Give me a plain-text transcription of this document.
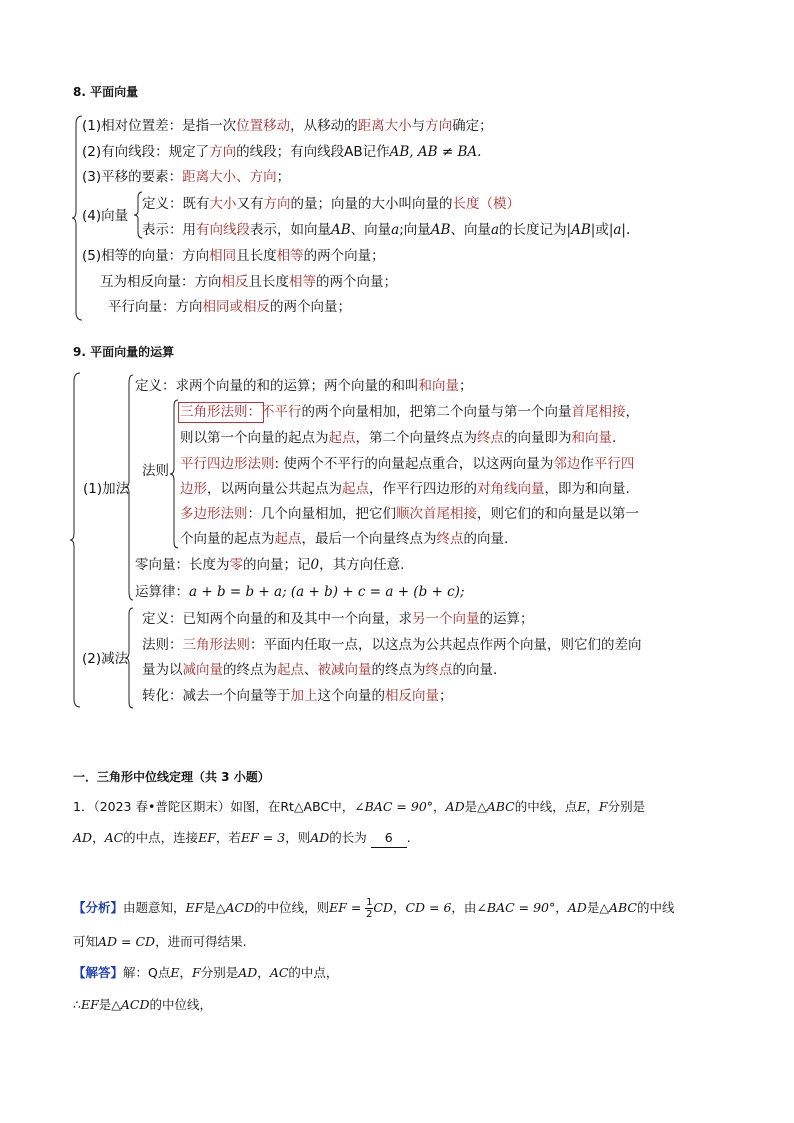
8. 平面向量
(1)相对位置差：是指一次位置移动，从移动的距离大小与方向确定；
(2)有向线段：规定了方向的线段；有向线段AB记作AB, AB ≠ BA.
(3)平移的要素：距离大小、方向；
(4)向量
定义：既有大小又有方向的量；向量的大小叫向量的长度（模）
表示：用有向线段表示，如向量AB、向量a;向量AB、向量a的长度记为|AB|或|a|.
(5)相等的向量：方向相同且长度相等的两个向量；
互为相反向量：方向相反且长度相等的两个向量；
平行向量：方向相同或相反的两个向量；
9. 平面向量的运算
(1)加法
法则
定义：求两个向量的和的运算；两个向量的和叫和向量；
三角形法则：不平行的两个向量相加，把第二个向量与第一个向量首尾相接，
则以第一个向量的起点为起点，第二个向量终点为终点的向量即为和向量.
平行四边形法则: 使两个不平行的向量起点重合，以这两向量为邻边作平行四
边形，以两向量公共起点为起点，作平行四边形的对角线向量，即为和向量.
多边形法则：几个向量相加，把它们顺次首尾相接，则它们的和向量是以第一
个向量的起点为起点，最后一个向量终点为终点的向量.
零向量：长度为零的向量；记0，其方向任意.
运算律：a + b = b + a; (a + b) + c = a + (b + c);
(2)减法
定义：已知两个向量的和及其中一个向量，求另一个向量的运算；
法则：三角形法则：平面内任取一点，以这点为公共起点作两个向量，则它们的差向
量为以减向量的终点为起点、被减向量的终点为终点的向量.
转化：减去一个向量等于加上这个向量的相反向量；
一．三角形中位线定理（共 3 小题）
1．（2023 春•普陀区期末）如图，在Rt△ABC中，∠BAC = 90°，AD是△ABC的中线，点E，F分别是
AD，AC的中点，连接EF，若EF = 3，则AD的长为 6 .
【分析】由题意知，EF是△ACD的中位线，则EF = $\frac{1}{2}$ CD，CD = 6，由∠BAC = 90°，AD是△ABC的中线
可知AD = CD，进而可得结果.
【解答】解：Q点E，F分别是AD，AC的中点，
∴EF是△ACD的中位线，
